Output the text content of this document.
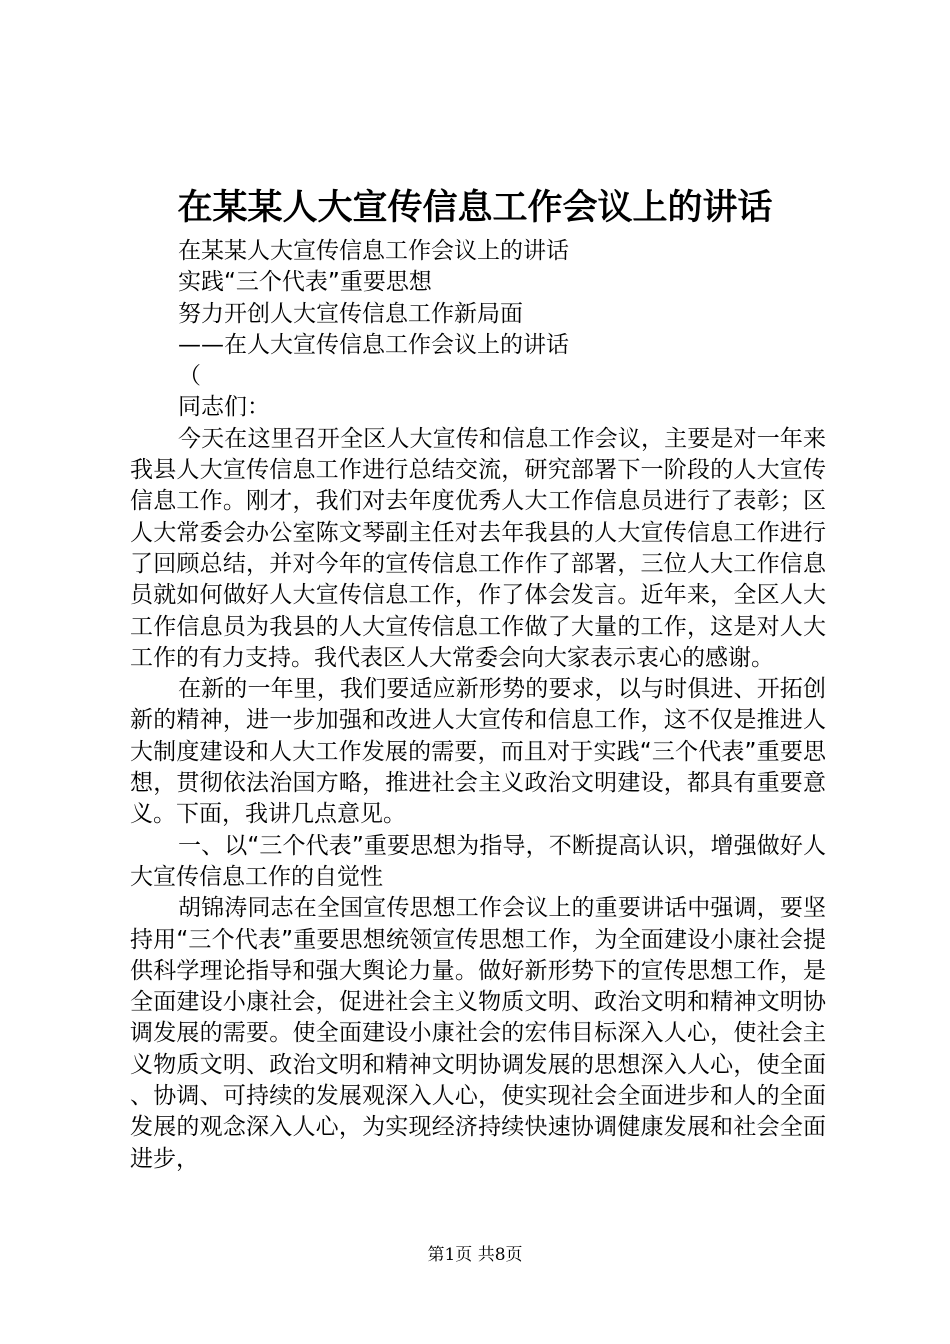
在某某人大宣传信息工作会议上的讲话

在某某人大宣传信息工作会议上的讲话

实践“三个代表”重要思想

努力开创人大宣传信息工作新局面

——在人大宣传信息工作会议上的讲话

（

同志们：

今天在这里召开全区人大宣传和信息工作会议，主要是对一年来我县人大宣传信息工作进行总结交流，研究部署下一阶段的人大宣传信息工作。刚才，我们对去年度优秀人大工作信息员进行了表彰；区人大常委会办公室陈文琴副主任对去年我县的人大宣传信息工作进行了回顾总结，并对今年的宣传信息工作作了部署，三位人大工作信息员就如何做好人大宣传信息工作，作了体会发言。近年来，全区人大工作信息员为我县的人大宣传信息工作做了大量的工作，这是对人大工作的有力支持。我代表区人大常委会向大家表示衷心的感谢。

在新的一年里，我们要适应新形势的要求，以与时俱进、开拓创新的精神，进一步加强和改进人大宣传和信息工作，这不仅是推进人大制度建设和人大工作发展的需要，而且对于实践“三个代表”重要思想，贯彻依法治国方略，推进社会主义政治文明建设，都具有重要意义。下面，我讲几点意见。

一、以“三个代表”重要思想为指导，不断提高认识，增强做好人大宣传信息工作的自觉性

胡锦涛同志在全国宣传思想工作会议上的重要讲话中强调，要坚持用“三个代表”重要思想统领宣传思想工作，为全面建设小康社会提供科学理论指导和强大舆论力量。做好新形势下的宣传思想工作，是全面建设小康社会，促进社会主义物质文明、政治文明和精神文明协调发展的需要。使全面建设小康社会的宏伟目标深入人心，使社会主义物质文明、政治文明和精神文明协调发展的思想深入人心，使全面、协调、可持续的发展观深入人心，使实现社会全面进步和人的全面发展的观念深入人心，为实现经济持续快速协调健康发展和社会全面进步，

第1页 共8页
